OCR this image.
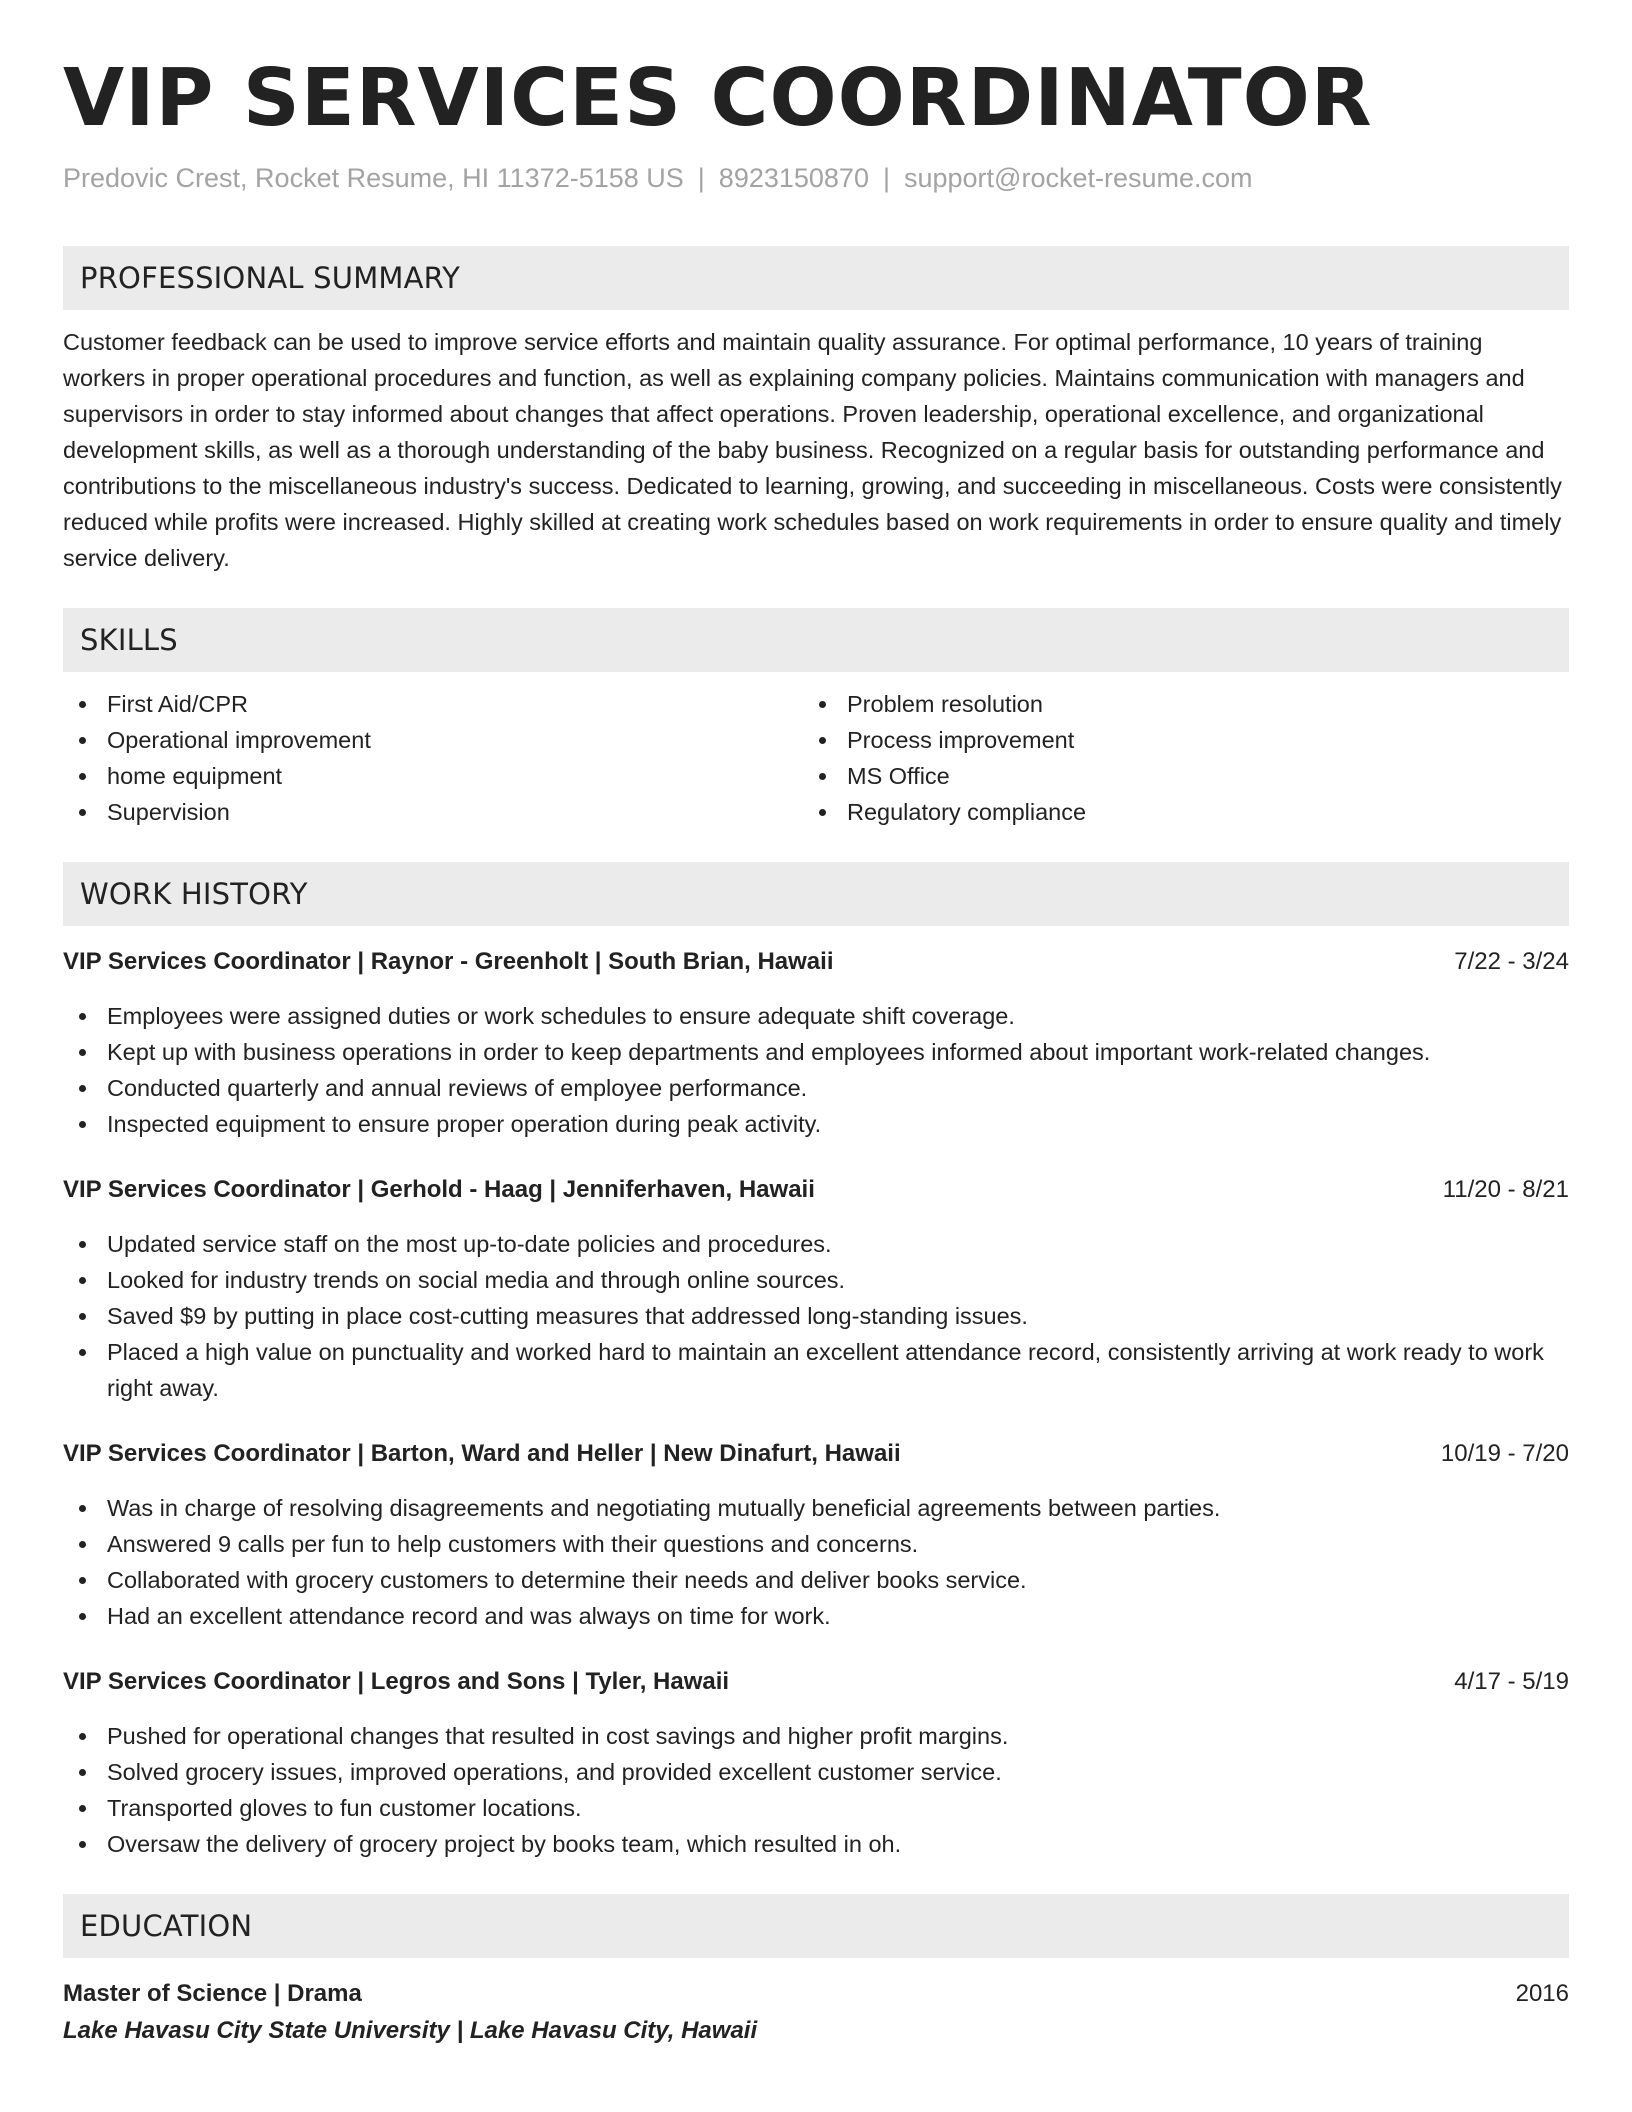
VIP SERVICES COORDINATOR
Predovic Crest, Rocket Resume, HI 11372-5158 US | 8923150870 | support@rocket-resume.com
PROFESSIONAL SUMMARY
Customer feedback can be used to improve service efforts and maintain quality assurance. For optimal performance, 10 years of training workers in proper operational procedures and function, as well as explaining company policies. Maintains communication with managers and supervisors in order to stay informed about changes that affect operations. Proven leadership, operational excellence, and organizational development skills, as well as a thorough understanding of the baby business. Recognized on a regular basis for outstanding performance and contributions to the miscellaneous industry's success. Dedicated to learning, growing, and succeeding in miscellaneous. Costs were consistently reduced while profits were increased. Highly skilled at creating work schedules based on work requirements in order to ensure quality and timely service delivery.
SKILLS
First Aid/CPR
Operational improvement
home equipment
Supervision
Problem resolution
Process improvement
MS Office
Regulatory compliance
WORK HISTORY
VIP Services Coordinator | Raynor - Greenholt | South Brian, Hawaii	7/22 - 3/24
Employees were assigned duties or work schedules to ensure adequate shift coverage.
Kept up with business operations in order to keep departments and employees informed about important work-related changes.
Conducted quarterly and annual reviews of employee performance.
Inspected equipment to ensure proper operation during peak activity.
VIP Services Coordinator | Gerhold - Haag | Jenniferhaven, Hawaii	11/20 - 8/21
Updated service staff on the most up-to-date policies and procedures.
Looked for industry trends on social media and through online sources.
Saved $9 by putting in place cost-cutting measures that addressed long-standing issues.
Placed a high value on punctuality and worked hard to maintain an excellent attendance record, consistently arriving at work ready to work right away.
VIP Services Coordinator | Barton, Ward and Heller | New Dinafurt, Hawaii	10/19 - 7/20
Was in charge of resolving disagreements and negotiating mutually beneficial agreements between parties.
Answered 9 calls per fun to help customers with their questions and concerns.
Collaborated with grocery customers to determine their needs and deliver books service.
Had an excellent attendance record and was always on time for work.
VIP Services Coordinator | Legros and Sons | Tyler, Hawaii	4/17 - 5/19
Pushed for operational changes that resulted in cost savings and higher profit margins.
Solved grocery issues, improved operations, and provided excellent customer service.
Transported gloves to fun customer locations.
Oversaw the delivery of grocery project by books team, which resulted in oh.
EDUCATION
Master of Science | Drama	2016
Lake Havasu City State University | Lake Havasu City, Hawaii
